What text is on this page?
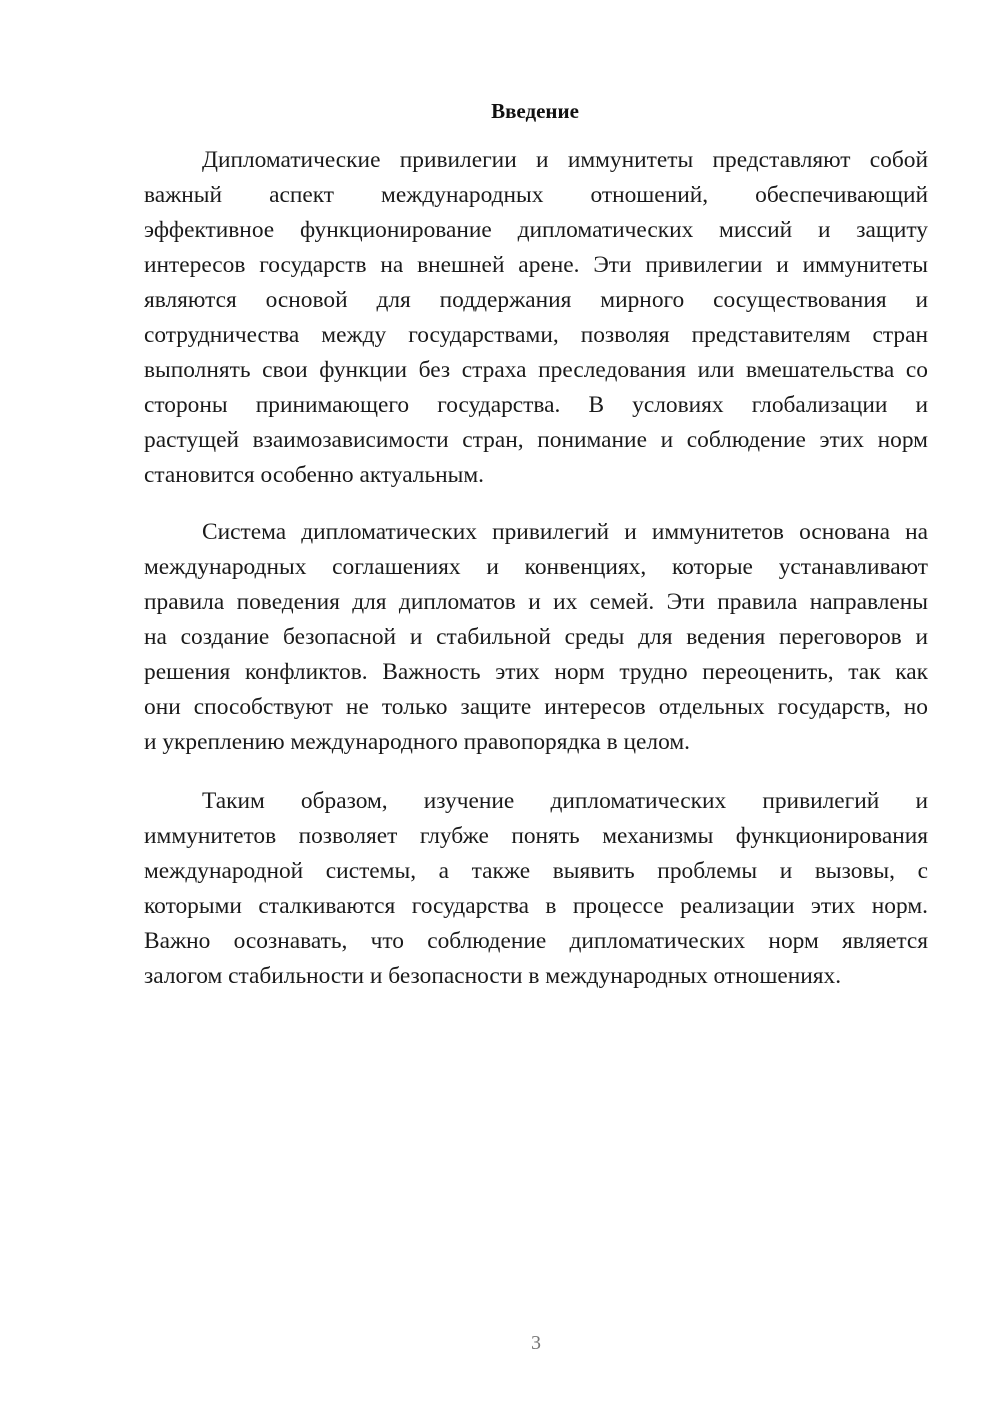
Введение
Дипломатические привилегии и иммунитеты представляют собой
важный аспект международных отношений, обеспечивающий
эффективное функционирование дипломатических миссий и защиту
интересов государств на внешней арене. Эти привилегии и иммунитеты
являются основой для поддержания мирного сосуществования и
сотрудничества между государствами, позволяя представителям стран
выполнять свои функции без страха преследования или вмешательства со
стороны принимающего государства. В условиях глобализации и
растущей взаимозависимости стран, понимание и соблюдение этих норм
становится особенно актуальным.
Система дипломатических привилегий и иммунитетов основана на
международных соглашениях и конвенциях, которые устанавливают
правила поведения для дипломатов и их семей. Эти правила направлены
на создание безопасной и стабильной среды для ведения переговоров и
решения конфликтов. Важность этих норм трудно переоценить, так как
они способствуют не только защите интересов отдельных государств, но
и укреплению международного правопорядка в целом.
Таким образом, изучение дипломатических привилегий и
иммунитетов позволяет глубже понять механизмы функционирования
международной системы, а также выявить проблемы и вызовы, с
которыми сталкиваются государства в процессе реализации этих норм.
Важно осознавать, что соблюдение дипломатических норм является
залогом стабильности и безопасности в международных отношениях.
3
